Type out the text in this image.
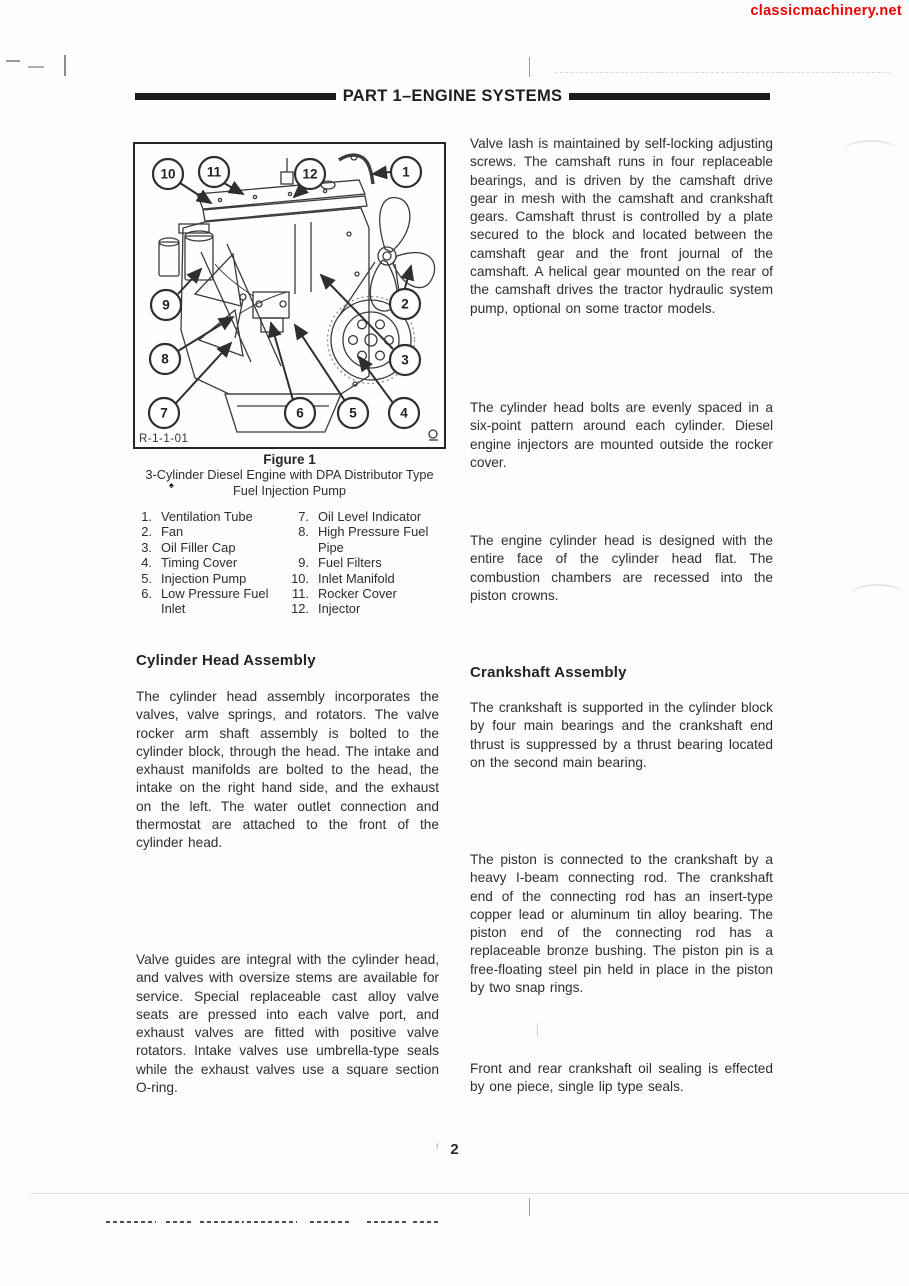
classicmachinery.net
PART 1–ENGINE SYSTEMS
10 11	12	1
2
3
4
5
6
7
8
9
R-1-1-01
Figure 1
3-Cylinder Diesel Engine with DPA Distributor Type
Fuel Injection Pump
♠
1. Ventilation Tube
2. Fan
3. Oil Filler Cap
4. Timing Cover
5. Injection Pump
6. Low Pressure Fuel Inlet
7. Oil Level Indicator
8. High Pressure Fuel Pipe
9. Fuel Filters
10. Inlet Manifold
11. Rocker Cover
12. Injector
Cylinder Head Assembly
The cylinder head assembly incorporates the valves, valve springs, and rotators. The valve rocker arm shaft assembly is bolted to the cylinder block, through the head. The intake and exhaust manifolds are bolted to the head, the intake on the right hand side, and the exhaust on the left. The water outlet connection and thermostat are attached to the front of the cylinder head.
Valve guides are integral with the cylinder head, and valves with oversize stems are available for service. Special replaceable cast alloy valve seats are pressed into each valve port, and exhaust valves are fitted with positive valve rotators. Intake valves use umbrella-type seals while the exhaust valves use a square section O-ring.
Valve lash is maintained by self-locking adjusting screws. The camshaft runs in four replaceable bearings, and is driven by the camshaft drive gear in mesh with the camshaft and crankshaft gears. Camshaft thrust is controlled by a plate secured to the block and located between the camshaft gear and the front journal of the camshaft. A helical gear mounted on the rear of the camshaft drives the tractor hydraulic system pump, optional on some tractor models.
The cylinder head bolts are evenly spaced in a six-point pattern around each cylinder. Diesel engine injectors are mounted outside the rocker cover.
The engine cylinder head is designed with the entire face of the cylinder head flat. The combustion chambers are recessed into the piston crowns.
Crankshaft Assembly
The crankshaft is supported in the cylinder block by four main bearings and the crankshaft end thrust is suppressed by a thrust bearing located on the second main bearing.
The piston is connected to the crankshaft by a heavy I-beam connecting rod. The crankshaft end of the connecting rod has an insert-type copper lead or aluminum tin alloy bearing. The piston end of the connecting rod has a replaceable bronze bushing. The piston pin is a free-floating steel pin held in place in the piston by two snap rings.
Front and rear crankshaft oil sealing is effected by one piece, single lip type seals.
r 2
